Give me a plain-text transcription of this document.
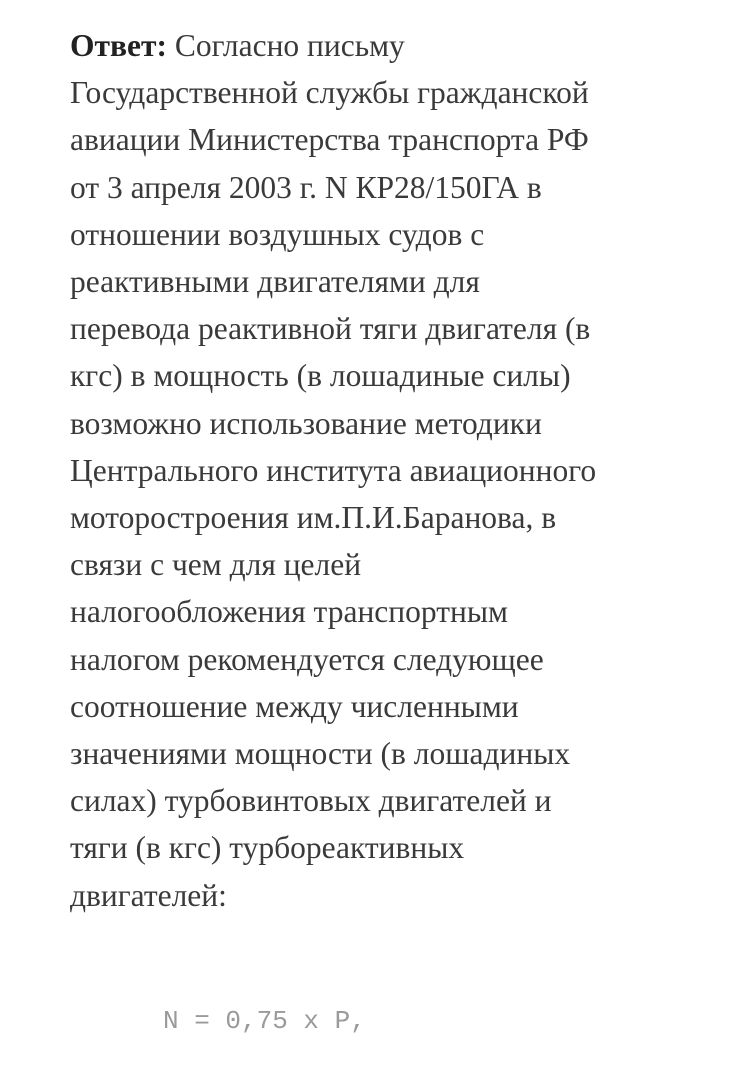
Ответ: Согласно письму
Государственной службы гражданской
авиации Министерства транспорта РФ
от 3 апреля 2003 г. N КР28/150ГА в
отношении воздушных судов с
реактивными двигателями для
перевода реактивной тяги двигателя (в
кгс) в мощность (в лошадиные силы)
возможно использование методики
Центрального института авиационного
моторостроения им.П.И.Баранова, в
связи с чем для целей
налогообложения транспортным
налогом рекомендуется следующее
соотношение между численными
значениями мощности (в лошадиных
силах) турбовинтовых двигателей и
тяги (в кгс) турбореактивных
двигателей:

N = 0,75 x P,
